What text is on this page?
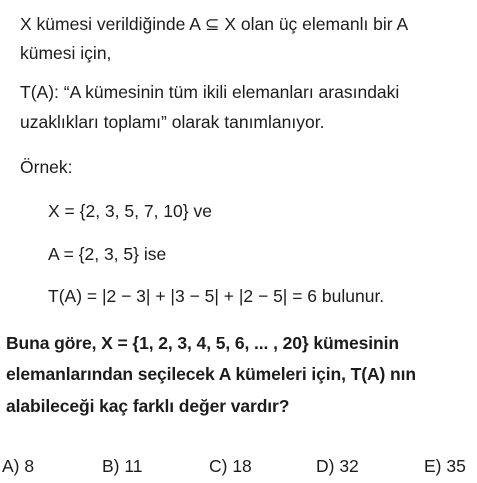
X kümesi verildiğinde A ⊆ X olan üç elemanlı bir A
kümesi için,
T(A): “A kümesinin tüm ikili elemanları arasındaki
uzaklıkları toplamı” olarak tanımlanıyor.
Örnek:
X = {2, 3, 5, 7, 10} ve
A = {2, 3, 5} ise
T(A) = |2 − 3| + |3 − 5| + |2 − 5| = 6 bulunur.
Buna göre, X = {1, 2, 3, 4, 5, 6, ... , 20} kümesinin
elemanlarından seçilecek A kümeleri için, T(A) nın
alabileceği kaç farklı değer vardır?
A) 8	B) 11	C) 18	D) 32	E) 35
